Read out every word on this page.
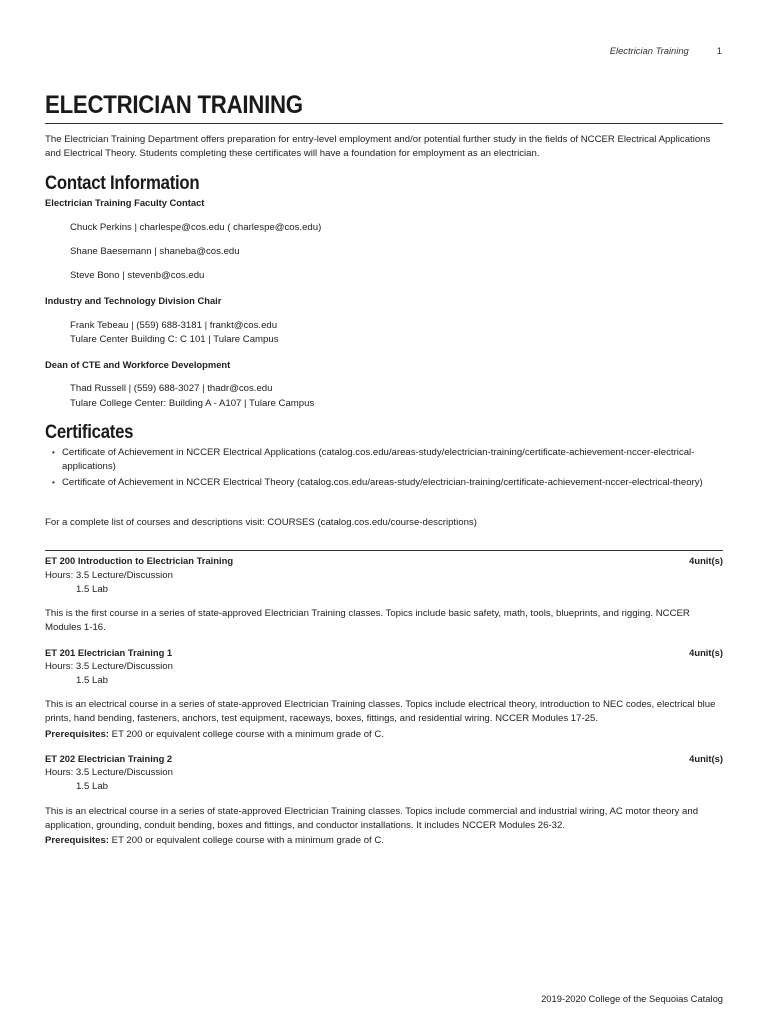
Electrician Training	1
ELECTRICIAN TRAINING
The Electrician Training Department offers preparation for entry-level employment and/or potential further study in the fields of NCCER Electrical Applications and Electrical Theory. Students completing these certificates will have a foundation for employment as an electrician.
Contact Information
Electrician Training Faculty Contact
Chuck Perkins | charlespe@cos.edu ( charlespe@cos.edu)
Shane Baesemann | shaneba@cos.edu
Steve Bono | stevenb@cos.edu
Industry and Technology Division Chair
Frank Tebeau | (559) 688-3181 | frankt@cos.edu
Tulare Center Building C: C 101 | Tulare Campus
Dean of CTE and Workforce Development
Thad Russell | (559) 688-3027 | thadr@cos.edu
Tulare College Center: Building A - A107 | Tulare Campus
Certificates
• Certificate of Achievement in NCCER Electrical Applications (catalog.cos.edu/areas-study/electrician-training/certificate-achievement-nccer-electrical-applications)
• Certificate of Achievement in NCCER Electrical Theory (catalog.cos.edu/areas-study/electrician-training/certificate-achievement-nccer-electrical-theory)
For a complete list of courses and descriptions visit: COURSES (catalog.cos.edu/course-descriptions)
ET 200 Introduction to Electrician Training	4unit(s)
Hours: 3.5 Lecture/Discussion
1.5 Lab
This is the first course in a series of state-approved Electrician Training classes. Topics include basic safety, math, tools, blueprints, and rigging. NCCER Modules 1-16.
ET 201 Electrician Training 1	4unit(s)
Hours: 3.5 Lecture/Discussion
1.5 Lab
This is an electrical course in a series of state-approved Electrician Training classes. Topics include electrical theory, introduction to NEC codes, electrical blue prints, hand bending, fasteners, anchors, test equipment, raceways, boxes, fittings, and residential wiring. NCCER Modules 17-25.
Prerequisites: ET 200 or equivalent college course with a minimum grade of C.
ET 202 Electrician Training 2	4unit(s)
Hours: 3.5 Lecture/Discussion
1.5 Lab
This is an electrical course in a series of state-approved Electrician Training classes. Topics include commercial and industrial wiring, AC motor theory and application, grounding, conduit bending, boxes and fittings, and conductor installations. It includes NCCER Modules 26-32.
Prerequisites: ET 200 or equivalent college course with a minimum grade of C.
2019-2020 College of the Sequoias Catalog
